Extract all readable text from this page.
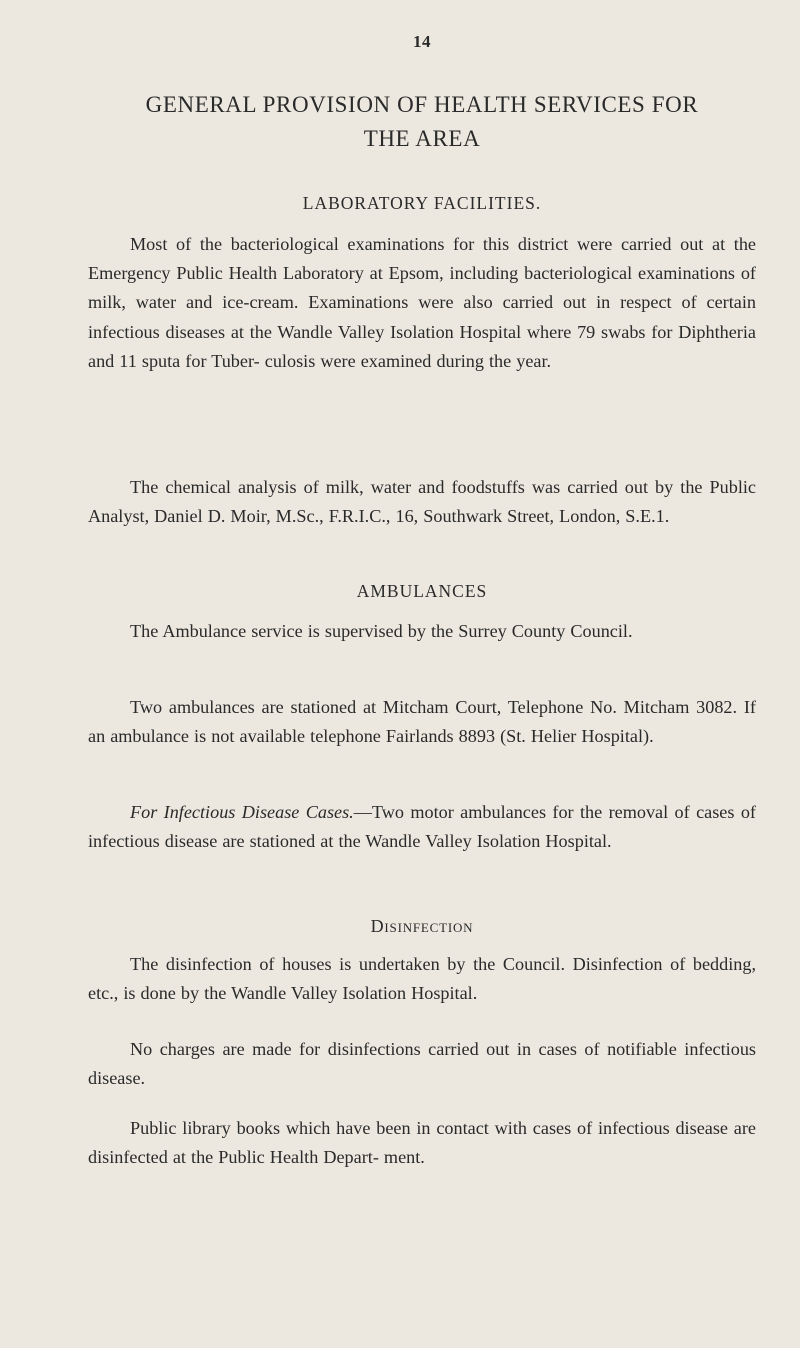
14
GENERAL PROVISION OF HEALTH SERVICES FOR
THE AREA
LABORATORY FACILITIES.

Most of the bacteriological examinations for this district were carried out at the Emergency Public Health Laboratory at Epsom, including bacteriological examinations of milk, water and ice-cream. Examinations were also carried out in respect of certain infectious diseases at the Wandle Valley Isolation Hospital where 79 swabs for Diphtheria and 11 sputa for Tuber- culosis were examined during the year.

The chemical analysis of milk, water and foodstuffs was carried out by the Public Analyst, Daniel D. Moir, M.Sc., F.R.I.C., 16, Southwark Street, London, S.E.1.

AMBULANCES

The Ambulance service is supervised by the Surrey County Council.

Two ambulances are stationed at Mitcham Court, Telephone No. Mitcham 3082. If an ambulance is not available telephone Fairlands 8893 (St. Helier Hospital).

For Infectious Disease Cases.—Two motor ambulances for the removal of cases of infectious disease are stationed at the Wandle Valley Isolation Hospital.

Disinfection

The disinfection of houses is undertaken by the Council. Disinfection of bedding, etc., is done by the Wandle Valley Isolation Hospital.

No charges are made for disinfections carried out in cases of notifiable infectious disease.

Public library books which have been in contact with cases of infectious disease are disinfected at the Public Health Depart- ment.
